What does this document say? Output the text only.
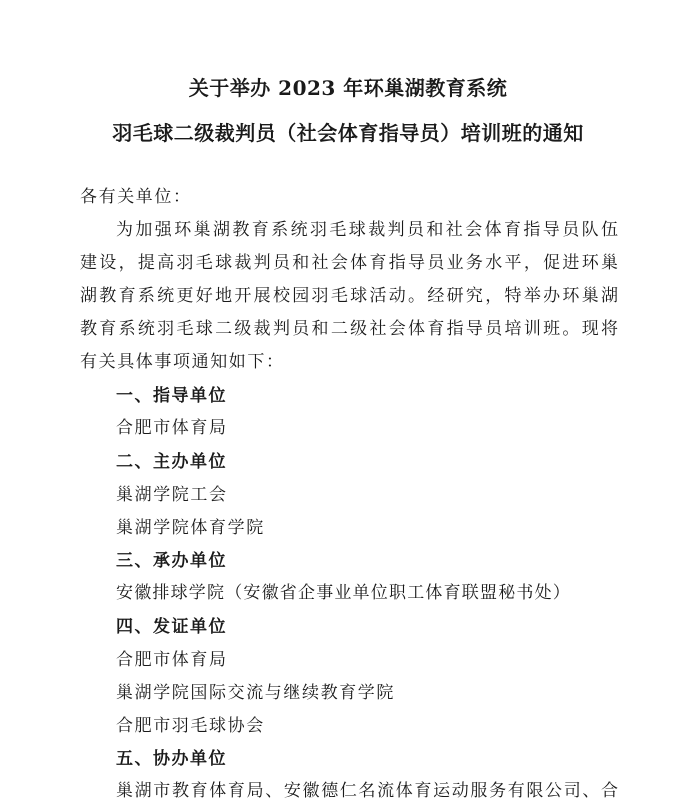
关于举办 2023 年环巢湖教育系统
羽毛球二级裁判员（社会体育指导员）培训班的通知
各有关单位：
为加强环巢湖教育系统羽毛球裁判员和社会体育指导员队伍
建设，提高羽毛球裁判员和社会体育指导员业务水平，促进环巢
湖教育系统更好地开展校园羽毛球活动。经研究，特举办环巢湖
教育系统羽毛球二级裁判员和二级社会体育指导员培训班。现将
有关具体事项通知如下：
一、指导单位
合肥市体育局
二、主办单位
巢湖学院工会
巢湖学院体育学院
三、承办单位
安徽排球学院（安徽省企事业单位职工体育联盟秘书处）
四、发证单位
合肥市体育局
巢湖学院国际交流与继续教育学院
合肥市羽毛球协会
五、协办单位
巢湖市教育体育局、安徽德仁名流体育运动服务有限公司、合
